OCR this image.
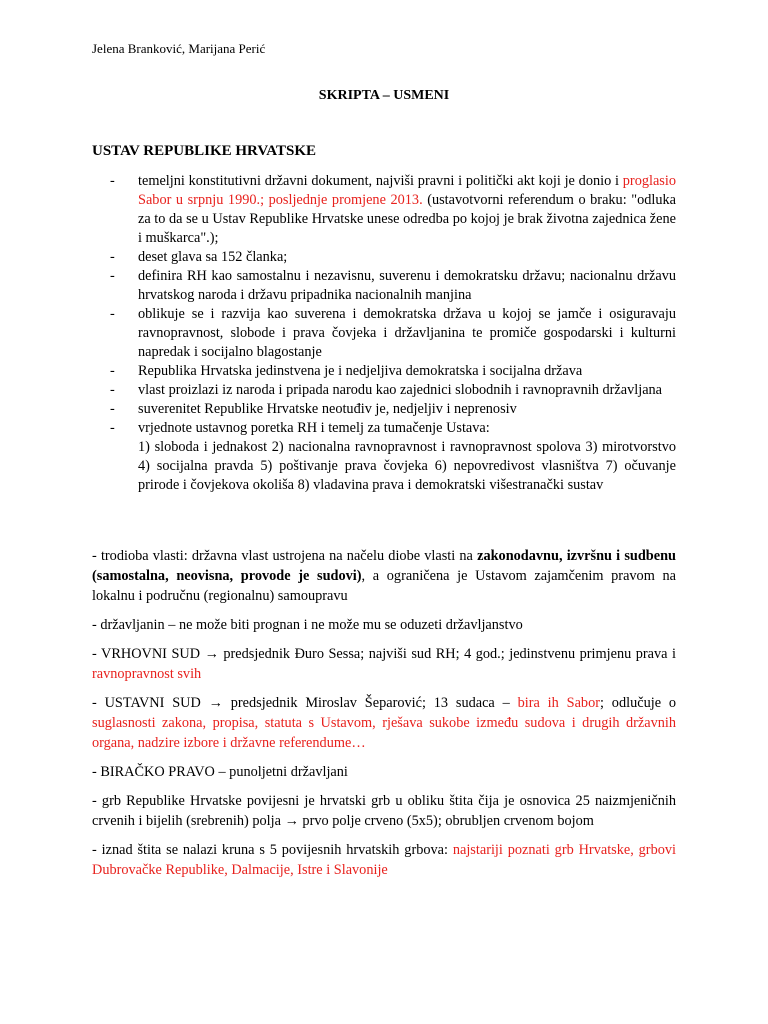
Jelena Branković, Marijana Perić
SKRIPTA – USMENI
USTAV REPUBLIKE HRVATSKE
- temeljni konstitutivni državni dokument, najviši pravni i politički akt koji je donio i proglasio Sabor u srpnju 1990.; posljednje promjene 2013. (ustavotvorni referendum o braku: "odluka za to da se u Ustav Republike Hrvatske unese odredba po kojoj je brak životna zajednica žene i muškarca".);
- deset glava sa 152 članka;
- definira RH kao samostalnu i nezavisnu, suverenu i demokratsku državu; nacionalnu državu hrvatskog naroda i državu pripadnika nacionalnih manjina
- oblikuje se i razvija kao suverena i demokratska država u kojoj se jamče i osiguravaju ravnopravnost, slobode i prava čovjeka i državljanina te promiče gospodarski i kulturni napredak i socijalno blagostanje
- Republika Hrvatska jedinstvena je i nedjeljiva demokratska i socijalna država
- vlast proizlazi iz naroda i pripada narodu kao zajednici slobodnih i ravnopravnih državljana
- suverenitet Republike Hrvatske neotuđiv je, nedjeljiv i neprenosiv
- vrjednote ustavnog poretka RH i temelj za tumačenje Ustava:
1) sloboda i jednakost 2) nacionalna ravnopravnost i ravnopravnost spolova 3) mirotvorstvo 4) socijalna pravda 5) poštivanje prava čovjeka 6) nepovredivost vlasništva 7) očuvanje prirode i čovjekova okoliša 8) vladavina prava i demokratski višestranački sustav

- trodioba vlasti: državna vlast ustrojena na načelu diobe vlasti na zakonodavnu, izvršnu i sudbenu (samostalna, neovisna, provode je sudovi), a ograničena je Ustavom zajamčenim pravom na lokalnu i područnu (regionalnu) samoupravu

- državljanin – ne može biti prognan i ne može mu se oduzeti državljanstvo

- VRHOVNI SUD → predsjednik Đuro Sessa; najviši sud RH; 4 god.; jedinstvenu primjenu prava i ravnopravnost svih

- USTAVNI SUD → predsjednik Miroslav Šeparović; 13 sudaca – bira ih Sabor; odlučuje o suglasnosti zakona, propisa, statuta s Ustavom, rješava sukobe između sudova i drugih državnih organa, nadzire izbore i državne referendume…

- BIRAČKO PRAVO – punoljetni državljani

- grb Republike Hrvatske povijesni je hrvatski grb u obliku štita čija je osnovica 25 naizmjeničnih crvenih i bijelih (srebrenih) polja → prvo polje crveno (5x5); obrubljen crvenom bojom

- iznad štita se nalazi kruna s 5 povijesnih hrvatskih grbova: najstariji poznati grb Hrvatske, grbovi Dubrovačke Republike, Dalmacije, Istre i Slavonije
